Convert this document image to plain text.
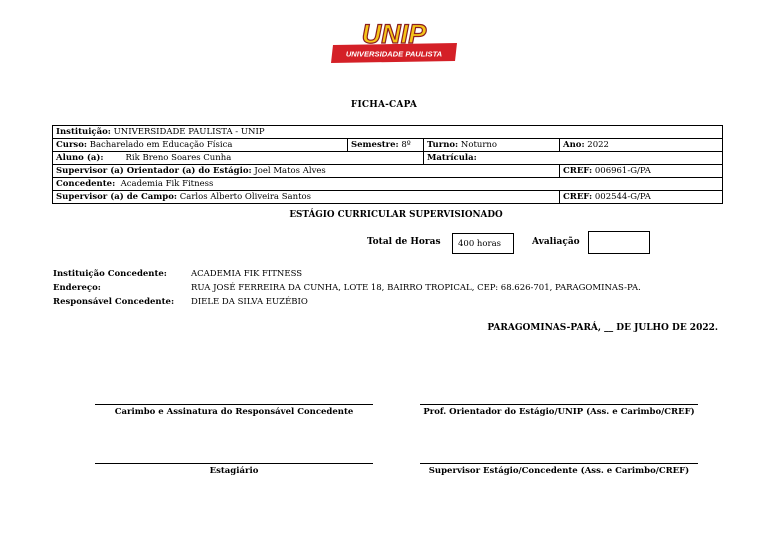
UNIP
UNIVERSIDADE PAULISTA
FICHA-CAPA
Instituição: UNIVERSIDADE PAULISTA - UNIP			
Curso: Bacharelado em Educação Física	Semestre: 8º	Turno: Noturno	Ano: 2022
Aluno (a): Rik Breno Soares Cunha		Matrícula:	
Supervisor (a) Orientador (a) do Estágio: Joel Matos Alves			CREF: 006961-G/PA
Concedente: Academia Fik Fitness			
Supervisor (a) de Campo: Carlos Alberto Oliveira Santos			CREF: 002544-G/PA
ESTÁGIO CURRICULAR SUPERVISIONADO
Total de Horas	400 horas	Avaliação
Instituição Concedente:	ACADEMIA FIK FITNESS
Endereço:	RUA JOSÉ FERREIRA DA CUNHA, LOTE 18, BAIRRO TROPICAL, CEP: 68.626-701, PARAGOMINAS-PA.
Responsável Concedente: DIELE DA SILVA EUZÉBIO
PARAGOMINAS-PARÁ, __ DE JULHO DE 2022.
Carimbo e Assinatura do Responsável Concedente	Prof. Orientador do Estágio/UNIP (Ass. e Carimbo/CREF)
Estagiário	Supervisor Estágio/Concedente (Ass. e Carimbo/CREF)
